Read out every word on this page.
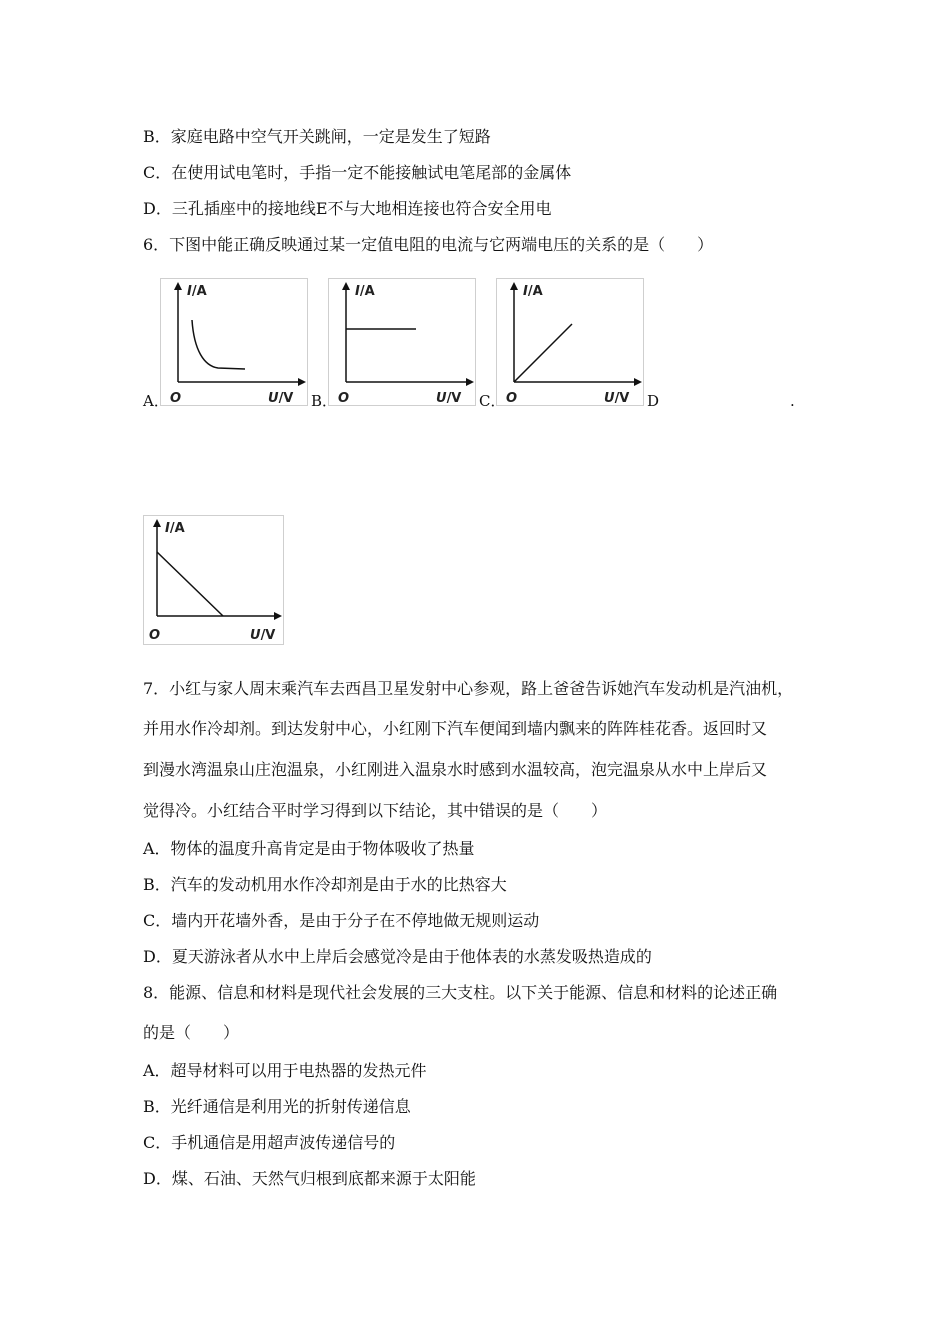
B．家庭电路中空气开关跳闸，一定是发生了短路
C．在使用试电笔时，手指一定不能接触试电笔尾部的金属体
D．三孔插座中的接地线E不与大地相连接也符合安全用电
6．下图中能正确反映通过某一定值电阻的电流与它两端电压的关系的是（　　）
A．	B．	C．	D	.
I/A
U/V
O
I/A
U/V
O
I/A
U/V
O
I/A
U/V
O
7．小红与家人周末乘汽车去西昌卫星发射中心参观，路上爸爸告诉她汽车发动机是汽油机，
并用水作冷却剂。到达发射中心，小红刚下汽车便闻到墙内飘来的阵阵桂花香。返回时又
到漫水湾温泉山庄泡温泉，小红刚进入温泉水时感到水温较高，泡完温泉从水中上岸后又
觉得冷。小红结合平时学习得到以下结论，其中错误的是（　　）
A．物体的温度升高肯定是由于物体吸收了热量
B．汽车的发动机用水作冷却剂是由于水的比热容大
C．墙内开花墙外香，是由于分子在不停地做无规则运动
D．夏天游泳者从水中上岸后会感觉冷是由于他体表的水蒸发吸热造成的
8．能源、信息和材料是现代社会发展的三大支柱。以下关于能源、信息和材料的论述正确
的是（　　）
A．超导材料可以用于电热器的发热元件
B．光纤通信是利用光的折射传递信息
C．手机通信是用超声波传递信号的
D．煤、石油、天然气归根到底都来源于太阳能
